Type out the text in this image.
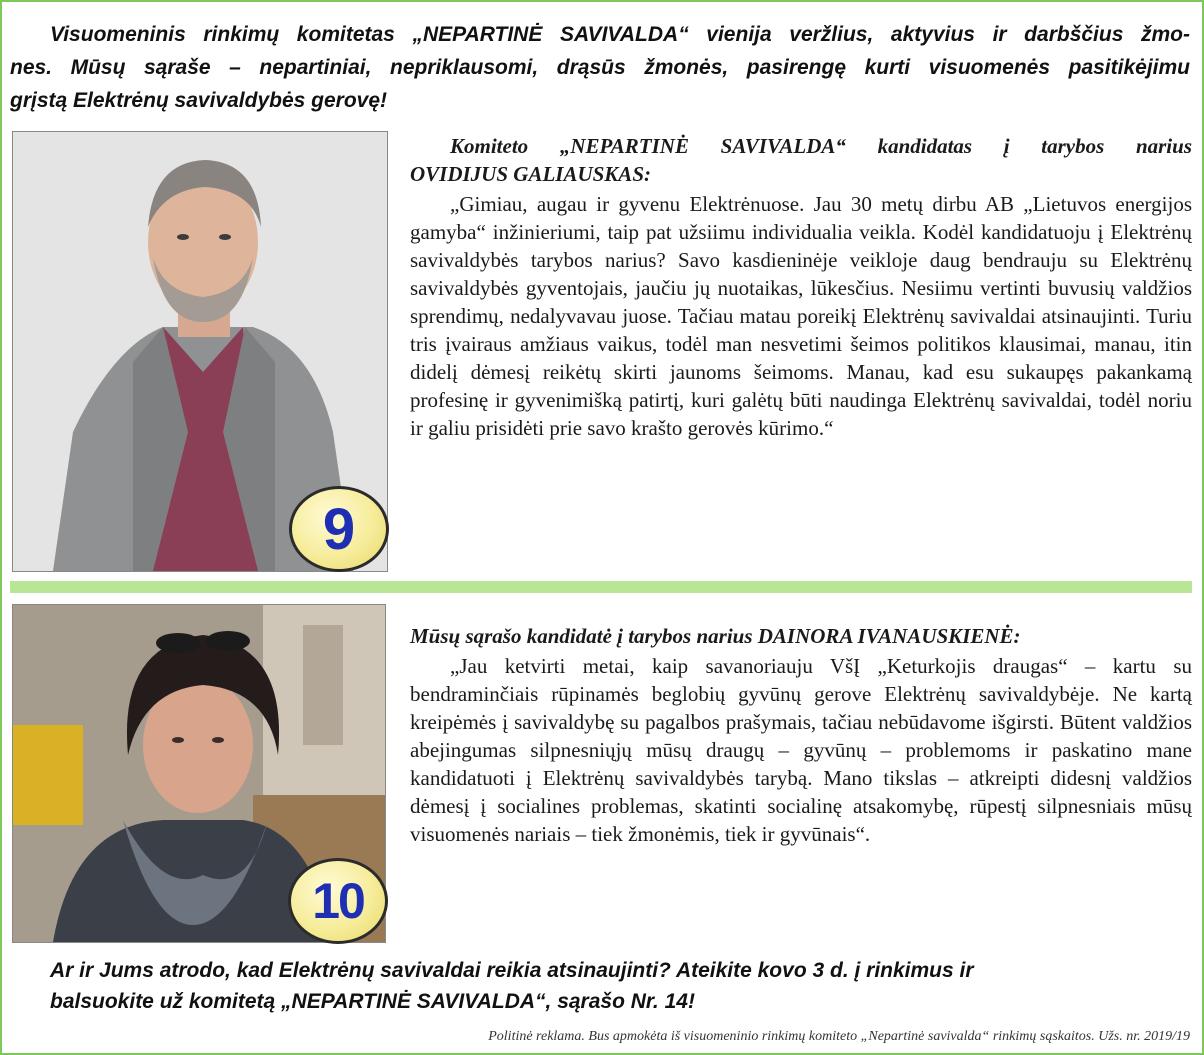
Visuomeninis rinkimų komitetas „NEPARTINĖ SAVIVALDA“ vienija veržlius, aktyvius ir darbščius žmo-
nes. Mūsų sąraše – nepartiniai, nepriklausomi, drąsūs žmonės, pasirengę kurti visuomenės pasitikėjimu
grįstą Elektrėnų savivaldybės gerovę!
9
Komiteto „NEPARTINĖ SAVIVALDA“ kandidatas į tarybos narius
OVIDIJUS GALIAUSKAS:
„Gimiau, augau ir gyvenu Elektrėnuose. Jau 30 metų dirbu AB „Lietuvos energijos gamyba“ inžinieriumi, taip pat užsiimu individualia veikla. Kodėl kandidatuoju į Elektrėnų savivaldybės tarybos narius? Savo kasdieninėje veikloje daug bendrauju su Elektrėnų savivaldybės gyventojais, jaučiu jų nuotaikas, lūkesčius. Nesiimu vertinti buvusių valdžios sprendimų, nedalyvavau juose. Tačiau matau poreikį Elektrėnų savivaldai atsinaujinti. Turiu tris įvairaus amžiaus vaikus, todėl man nesvetimi šeimos politikos klausimai, manau, itin didelį dėmesį reikėtų skirti jaunoms šeimoms. Manau, kad esu sukaupęs pakankamą profesinę ir gyvenimišką patirtį, kuri galėtų būti naudinga Elektrėnų savivaldai, todėl noriu ir galiu prisidėti prie savo krašto gerovės kūrimo.“
10
Mūsų sąrašo kandidatė į tarybos narius DAINORA IVANAUSKIENĖ:
„Jau ketvirti metai, kaip savanoriauju VšĮ „Keturkojis draugas“ – kartu su bendraminčiais rūpinamės beglobių gyvūnų gerove Elektrėnų savivaldybėje. Ne kartą kreipėmės į savivaldybę su pagalbos prašymais, tačiau nebūdavome išgirsti. Būtent valdžios abejingumas silpnesniųjų mūsų draugų – gyvūnų – problemoms ir paskatino mane kandidatuoti į Elektrėnų savivaldybės tarybą. Mano tikslas – atkreipti didesnį valdžios dėmesį į socialines problemas, skatinti socialinę atsakomybę, rūpestį silpnesniais mūsų visuomenės nariais – tiek žmonėmis, tiek ir gyvūnais“.
Ar ir Jums atrodo, kad Elektrėnų savivaldai reikia atsinaujinti? Ateikite kovo 3 d. į rinkimus ir
balsuokite už komitetą „NEPARTINĖ SAVIVALDA“, sąrašo Nr. 14!
Politinė reklama. Bus apmokėta iš visuomeninio rinkimų komiteto „Nepartinė savivalda“ rinkimų sąskaitos. Užs. nr. 2019/19
